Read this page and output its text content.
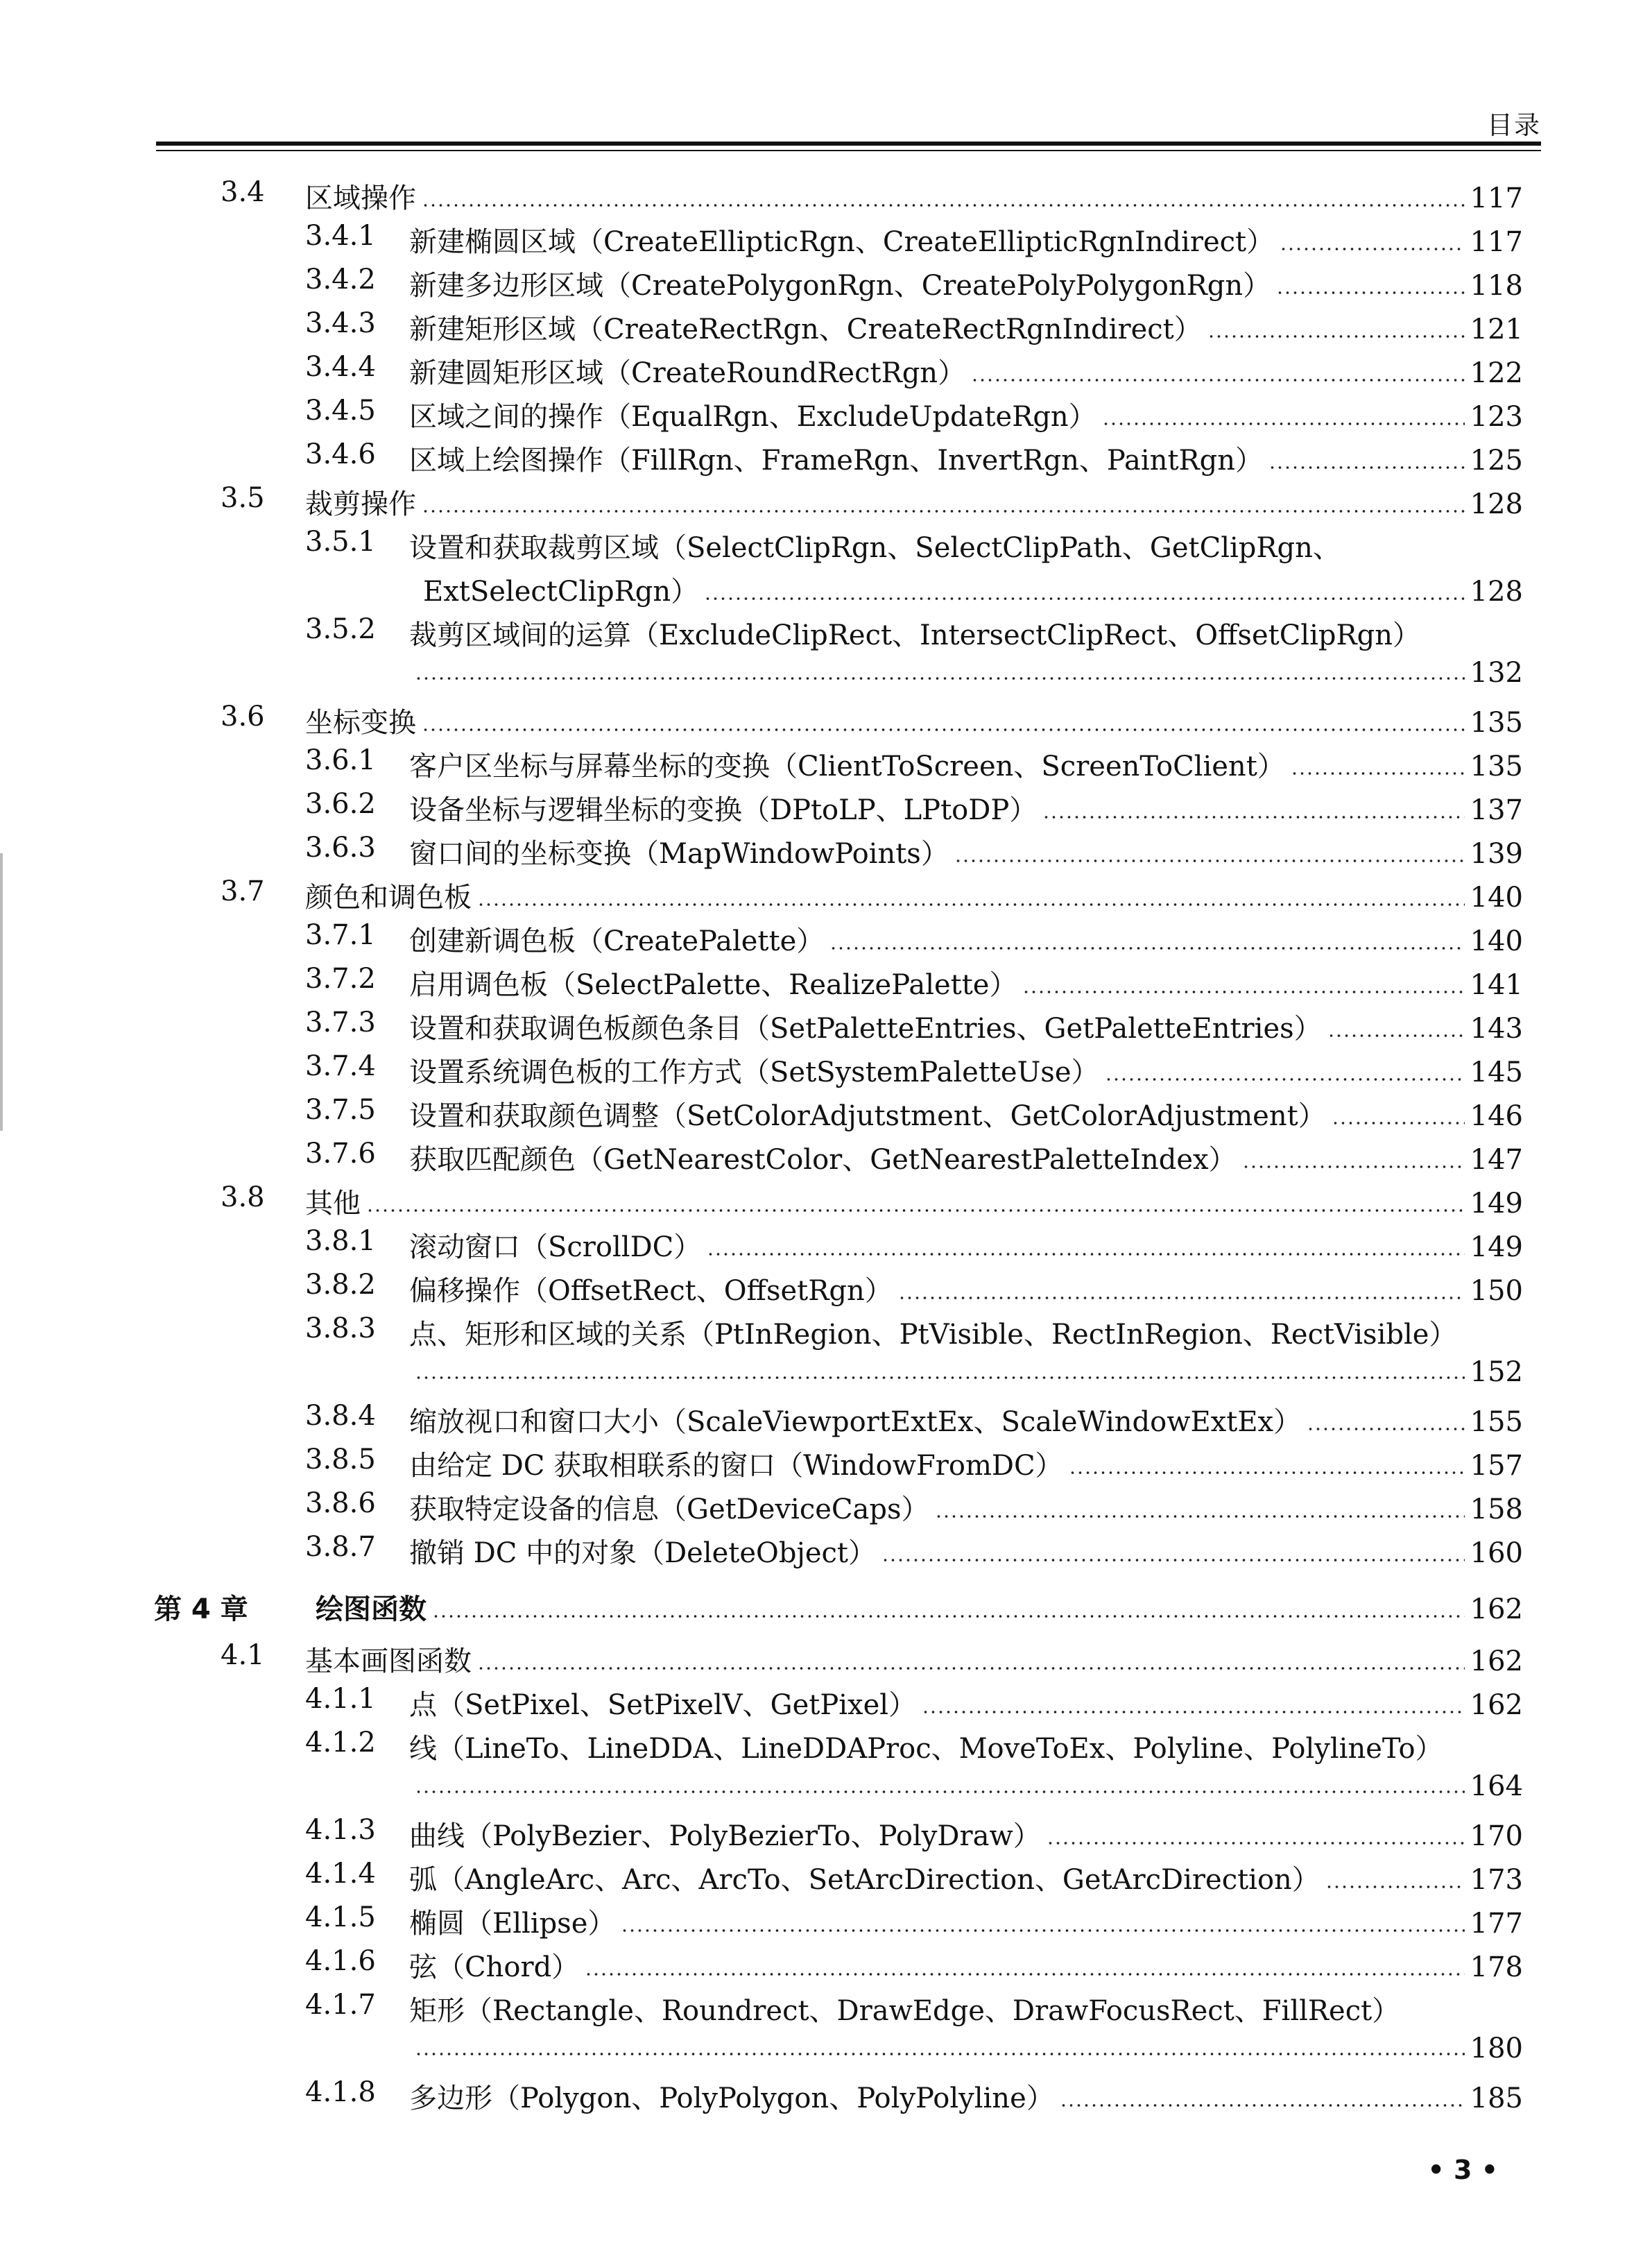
目录
3.4 区域操作	117
3.4.1 新建椭圆区域（CreateEllipticRgn、CreateEllipticRgnIndirect）	117
3.4.2 新建多边形区域（CreatePolygonRgn、CreatePolyPolygonRgn）	118
3.4.3 新建矩形区域（CreateRectRgn、CreateRectRgnIndirect）	121
3.4.4 新建圆矩形区域（CreateRoundRectRgn）	122
3.4.5 区域之间的操作（EqualRgn、ExcludeUpdateRgn）	123
3.4.6 区域上绘图操作（FillRgn、FrameRgn、InvertRgn、PaintRgn）	125
3.5 裁剪操作	128
3.5.1 设置和获取裁剪区域（SelectClipRgn、SelectClipPath、GetClipRgn、
ExtSelectClipRgn）	128
3.5.2 裁剪区域间的运算（ExcludeClipRect、IntersectClipRect、OffsetClipRgn）
132
3.6 坐标变换	135
3.6.1 客户区坐标与屏幕坐标的变换（ClientToScreen、ScreenToClient）	135
3.6.2 设备坐标与逻辑坐标的变换（DPtoLP、LPtoDP）	137
3.6.3 窗口间的坐标变换（MapWindowPoints）	139
3.7 颜色和调色板	140
3.7.1 创建新调色板（CreatePalette）	140
3.7.2 启用调色板（SelectPalette、RealizePalette）	141
3.7.3 设置和获取调色板颜色条目（SetPaletteEntries、GetPaletteEntries）	143
3.7.4 设置系统调色板的工作方式（SetSystemPaletteUse）	145
3.7.5 设置和获取颜色调整（SetColorAdjutstment、GetColorAdjustment）	146
3.7.6 获取匹配颜色（GetNearestColor、GetNearestPaletteIndex）	147
3.8 其他	149
3.8.1 滚动窗口（ScrollDC）	149
3.8.2 偏移操作（OffsetRect、OffsetRgn）	150
3.8.3 点、矩形和区域的关系（PtInRegion、PtVisible、RectInRegion、RectVisible）
152
3.8.4 缩放视口和窗口大小（ScaleViewportExtEx、ScaleWindowExtEx）	155
3.8.5 由给定 DC 获取相联系的窗口（WindowFromDC）	157
3.8.6 获取特定设备的信息（GetDeviceCaps）	158
3.8.7 撤销 DC 中的对象（DeleteObject）	160
第 4 章 绘图函数	162
4.1 基本画图函数	162
4.1.1 点（SetPixel、SetPixelV、GetPixel）	162
4.1.2 线（LineTo、LineDDA、LineDDAProc、MoveToEx、Polyline、PolylineTo）
164
4.1.3 曲线（PolyBezier、PolyBezierTo、PolyDraw）	170
4.1.4 弧（AngleArc、Arc、ArcTo、SetArcDirection、GetArcDirection）	173
4.1.5 椭圆（Ellipse）	177
4.1.6 弦（Chord）	178
4.1.7 矩形（Rectangle、Roundrect、DrawEdge、DrawFocusRect、FillRect）
180
4.1.8 多边形（Polygon、PolyPolygon、PolyPolyline）	185
• 3 •
